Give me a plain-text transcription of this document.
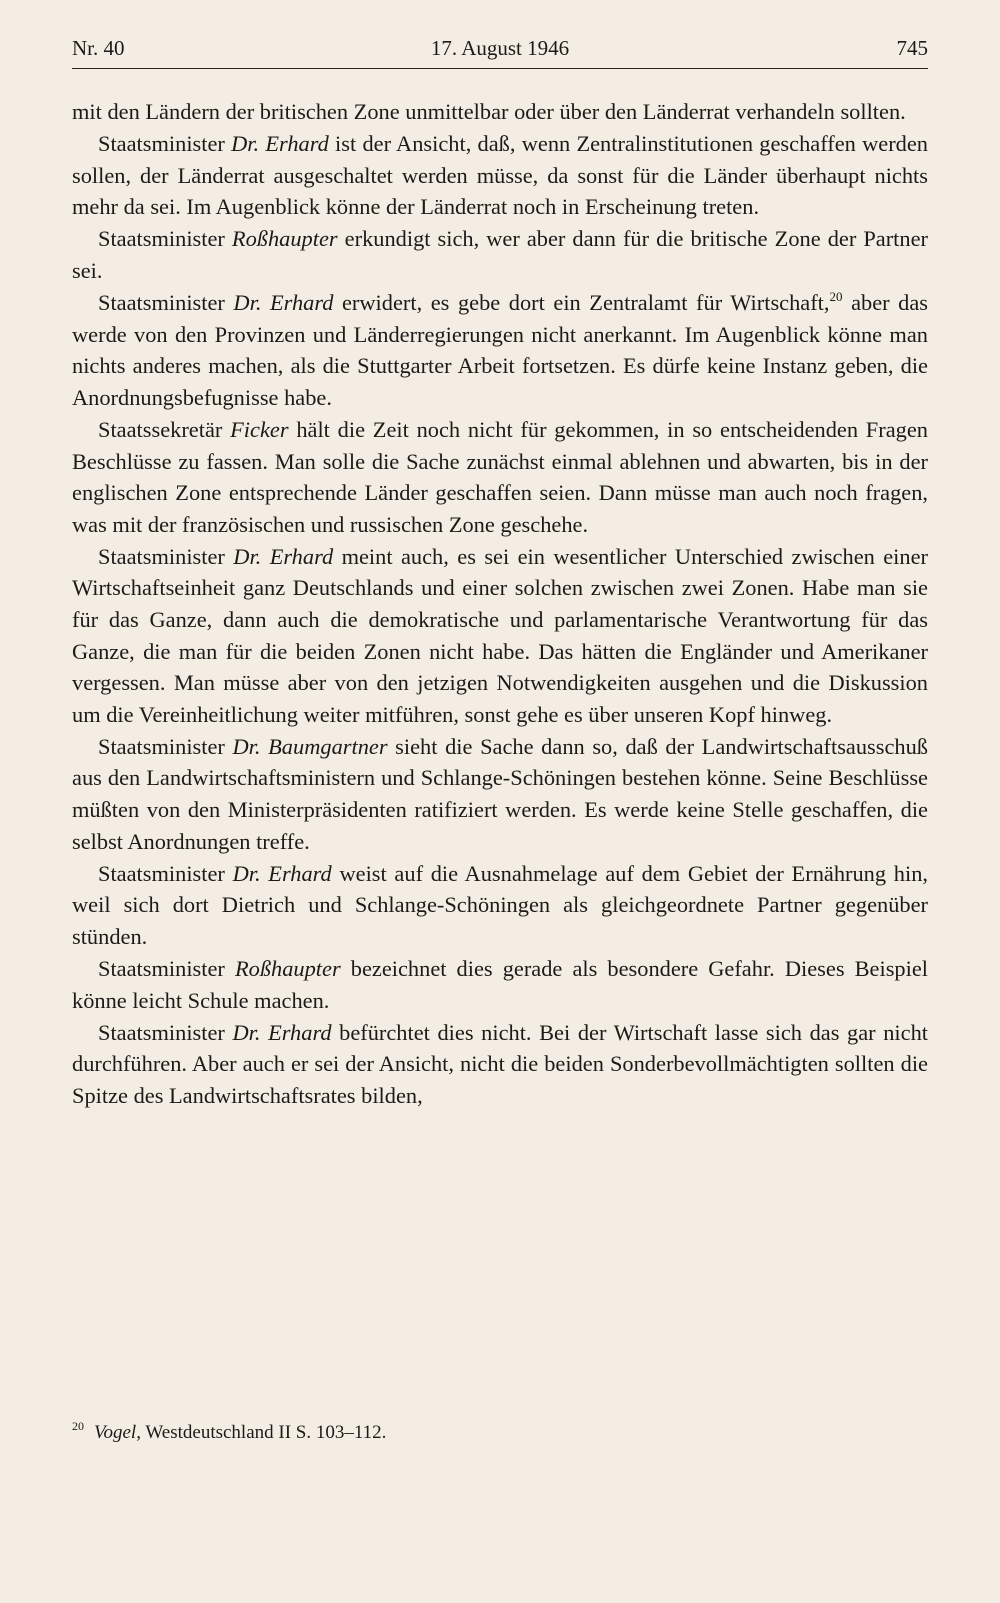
Nr. 40	17. August 1946	745

mit den Ländern der britischen Zone unmittelbar oder über den Länderrat verhandeln sollten.

Staatsminister Dr. Erhard ist der Ansicht, daß, wenn Zentralinstitutionen geschaffen werden sollen, der Länderrat ausgeschaltet werden müsse, da sonst für die Länder überhaupt nichts mehr da sei. Im Augenblick könne der Länderrat noch in Erscheinung treten.

Staatsminister Roßhaupter erkundigt sich, wer aber dann für die britische Zone der Partner sei.

Staatsminister Dr. Erhard erwidert, es gebe dort ein Zentralamt für Wirtschaft,$^{20}$ aber das werde von den Provinzen und Länderregierungen nicht anerkannt. Im Augenblick könne man nichts anderes machen, als die Stuttgarter Arbeit fortsetzen. Es dürfe keine Instanz geben, die Anordnungsbefugnisse habe.

Staatssekretär Ficker hält die Zeit noch nicht für gekommen, in so entscheidenden Fragen Beschlüsse zu fassen. Man solle die Sache zunächst einmal ablehnen und abwarten, bis in der englischen Zone entsprechende Länder geschaffen seien. Dann müsse man auch noch fragen, was mit der französischen und russischen Zone geschehe.

Staatsminister Dr. Erhard meint auch, es sei ein wesentlicher Unterschied zwischen einer Wirtschaftseinheit ganz Deutschlands und einer solchen zwischen zwei Zonen. Habe man sie für das Ganze, dann auch die demokratische und parlamentarische Verantwortung für das Ganze, die man für die beiden Zonen nicht habe. Das hätten die Engländer und Amerikaner vergessen. Man müsse aber von den jetzigen Notwendigkeiten ausgehen und die Diskussion um die Vereinheitlichung weiter mitführen, sonst gehe es über unseren Kopf hinweg.

Staatsminister Dr. Baumgartner sieht die Sache dann so, daß der Landwirtschaftsausschuß aus den Landwirtschaftsministern und Schlange-Schöningen bestehen könne. Seine Beschlüsse müßten von den Ministerpräsidenten ratifiziert werden. Es werde keine Stelle geschaffen, die selbst Anordnungen treffe.

Staatsminister Dr. Erhard weist auf die Ausnahmelage auf dem Gebiet der Ernährung hin, weil sich dort Dietrich und Schlange-Schöningen als gleichgeordnete Partner gegenüber stünden.

Staatsminister Roßhaupter bezeichnet dies gerade als besondere Gefahr. Dieses Beispiel könne leicht Schule machen.

Staatsminister Dr. Erhard befürchtet dies nicht. Bei der Wirtschaft lasse sich das gar nicht durchführen. Aber auch er sei der Ansicht, nicht die beiden Sonderbevollmächtigten sollten die Spitze des Landwirtschaftsrates bilden,

$^{20}$ Vogel, Westdeutschland II S. 103–112.
